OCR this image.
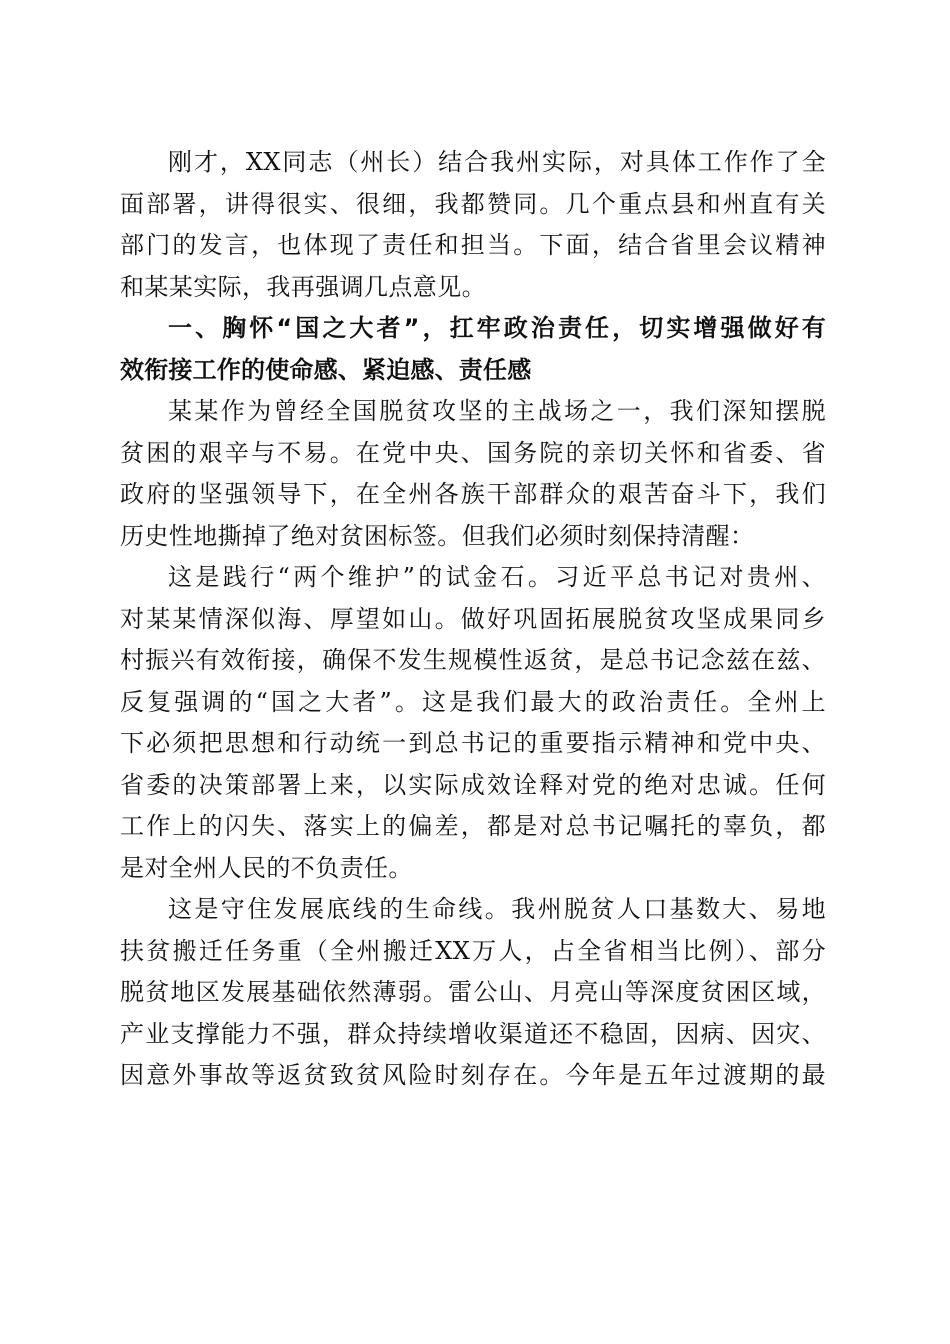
刚才，XX同志（州长）结合我州实际，对具体工作作了全
面部署，讲得很实、很细，我都赞同。几个重点县和州直有关
部门的发言，也体现了责任和担当。下面，结合省里会议精神
和某某实际，我再强调几点意见。
一、胸怀“国之大者”，扛牢政治责任，切实增强做好有
效衔接工作的使命感、紧迫感、责任感
某某作为曾经全国脱贫攻坚的主战场之一，我们深知摆脱
贫困的艰辛与不易。在党中央、国务院的亲切关怀和省委、省
政府的坚强领导下，在全州各族干部群众的艰苦奋斗下，我们
历史性地撕掉了绝对贫困标签。但我们必须时刻保持清醒：
这是践行“两个维护”的试金石。习近平总书记对贵州、
对某某情深似海、厚望如山。做好巩固拓展脱贫攻坚成果同乡
村振兴有效衔接，确保不发生规模性返贫，是总书记念兹在兹、
反复强调的“国之大者”。这是我们最大的政治责任。全州上
下必须把思想和行动统一到总书记的重要指示精神和党中央、
省委的决策部署上来，以实际成效诠释对党的绝对忠诚。任何
工作上的闪失、落实上的偏差，都是对总书记嘱托的辜负，都
是对全州人民的不负责任。
这是守住发展底线的生命线。我州脱贫人口基数大、易地
扶贫搬迁任务重（全州搬迁XX万人，占全省相当比例）、部分
脱贫地区发展基础依然薄弱。雷公山、月亮山等深度贫困区域，
产业支撑能力不强，群众持续增收渠道还不稳固，因病、因灾、
因意外事故等返贫致贫风险时刻存在。今年是五年过渡期的最
